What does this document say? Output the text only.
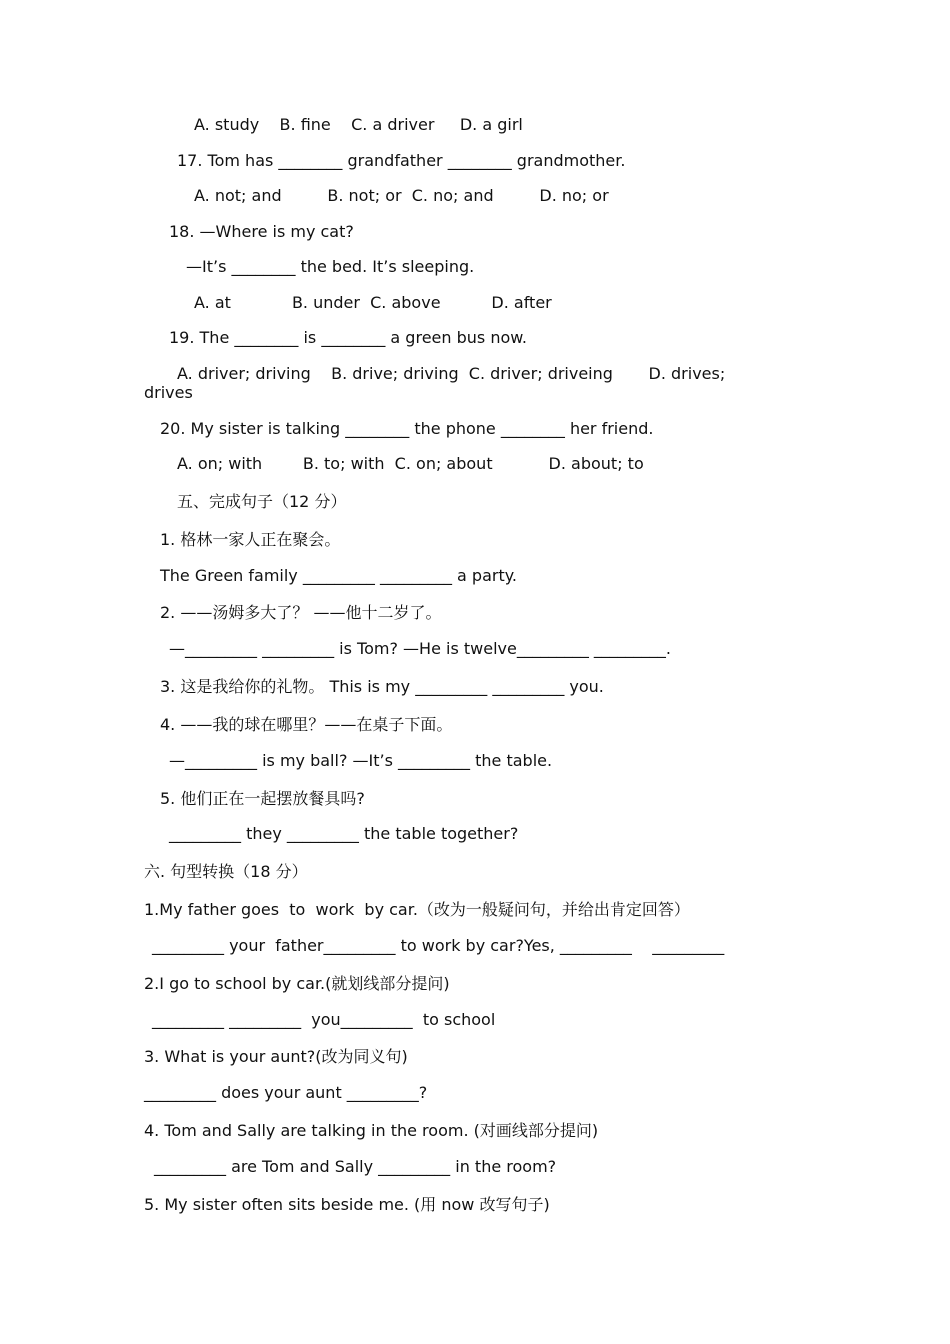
A. study    B. fine    C. a driver     D. a girl
17. Tom has ________ grandfather ________ grandmother.
A. not; and         B. not; or  C. no; and         D. no; or
18. —Where is my cat?
—It’s ________ the bed. It’s sleeping.
A. at            B. under  C. above          D. after
19. The ________ is ________ a green bus now.
A. driver; driving    B. drive; driving  C. driver; driveing       D. drives;
drives
20. My sister is talking ________ the phone ________ her friend.
A. on; with        B. to; with  C. on; about           D. about; to
五、完成句子（12 分）
1. 格林一家人正在聚会。
The Green family _________ _________ a party.
2. ——汤姆多大了？ ——他十二岁了。
—_________ _________ is Tom? —He is twelve_________ _________.
3. 这是我给你的礼物。 This is my _________ _________ you.
4. ——我的球在哪里？——在桌子下面。
—_________ is my ball? —It’s _________ the table.
5. 他们正在一起摆放餐具吗?
_________ they _________ the table together?
六. 句型转换（18 分）
1.My father goes  to  work  by car.（改为一般疑问句，并给出肯定回答）
_________ your  father_________ to work by car?Yes, _________    _________
2.I go to school by car.(就划线部分提问)
_________ _________  you_________  to school
3. What is your aunt?(改为同义句)
_________ does your aunt _________?
4. Tom and Sally are talking in the room. (对画线部分提问)
_________ are Tom and Sally _________ in the room?
5. My sister often sits beside me. (用 now 改写句子)
